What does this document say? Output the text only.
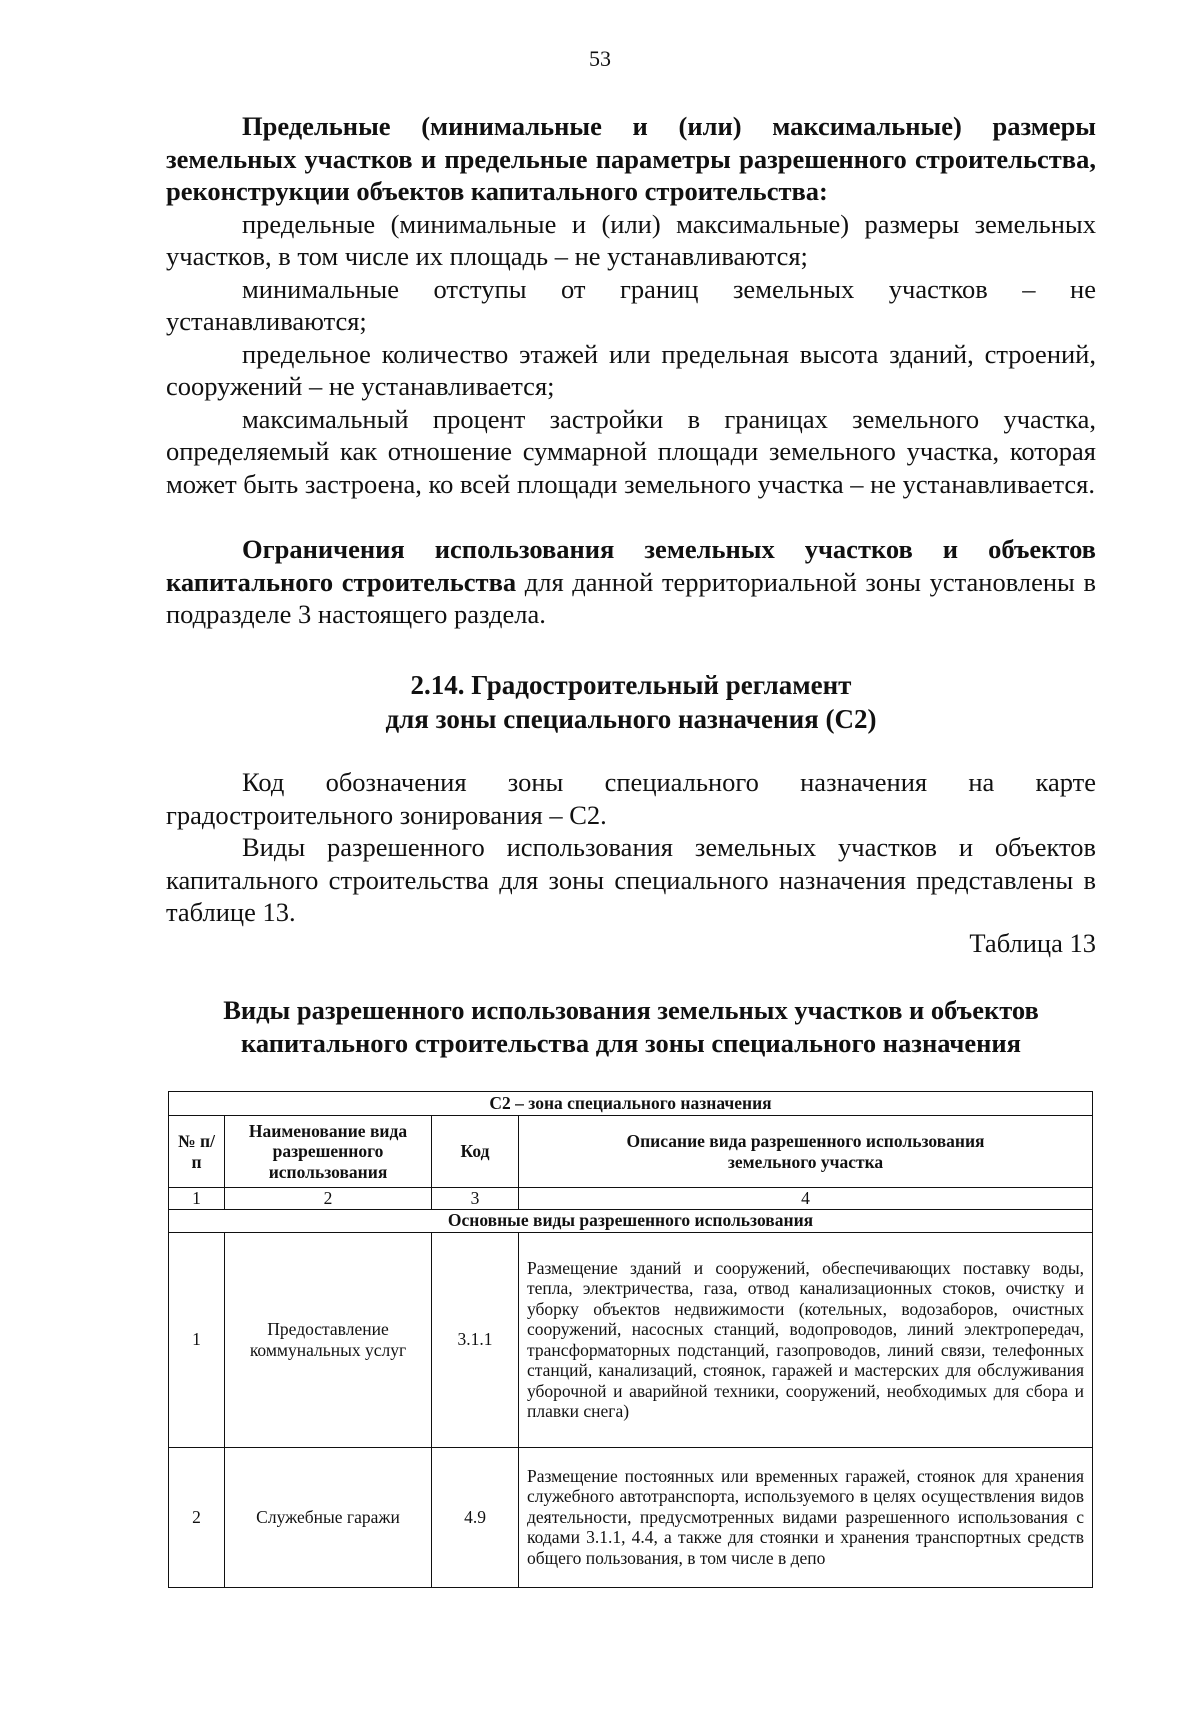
53

Предельные (минимальные и (или) максимальные) размеры земельных участков и предельные параметры разрешенного строительства, реконструкции объектов капитального строительства:

предельные (минимальные и (или) максимальные) размеры земельных участков, в том числе их площадь – не устанавливаются;

минимальные отступы от границ земельных участков – не устанавливаются;

предельное количество этажей или предельная высота зданий, строений, сооружений – не устанавливается;

максимальный процент застройки в границах земельного участка, определяемый как отношение суммарной площади земельного участка, которая может быть застроена, ко всей площади земельного участка – не устанавливается.

Ограничения использования земельных участков и объектов капитального строительства для данной территориальной зоны установлены в подразделе 3 настоящего раздела.

2.14. Градостроительный регламент
для зоны специального назначения (С2)

Код обозначения зоны специального назначения на карте градостроительного зонирования – С2.

Виды разрешенного использования земельных участков и объектов капитального строительства для зоны специального назначения представлены в таблице 13.

Таблица 13
Виды разрешенного использования земельных участков и объектов
капитального строительства для зоны специального назначения
С2 – зона специального назначения			
№ п/п	Наименование вида разрешенного использования	Код	Описание вида разрешенного использования земельного участка
1	2	3	4
Основные виды разрешенного использования			
1	Предоставление коммунальных услуг	3.1.1	Размещение зданий и сооружений, обеспечивающих поставку воды, тепла, электричества, газа, отвод канализационных стоков, очистку и уборку объектов недвижимости (котельных, водозаборов, очистных сооружений, насосных станций, водопроводов, линий электропередач, трансформаторных подстанций, газопроводов, линий связи, телефонных станций, канализаций, стоянок, гаражей и мастерских для обслуживания уборочной и аварийной техники, сооружений, необходимых для сбора и плавки снега)
2	Служебные гаражи	4.9	Размещение постоянных или временных гаражей, стоянок для хранения служебного автотранспорта, используемого в целях осуществления видов деятельности, предусмотренных видами разрешенного использования с кодами 3.1.1, 4.4, а также для стоянки и хранения транспортных средств общего пользования, в том числе в депо
